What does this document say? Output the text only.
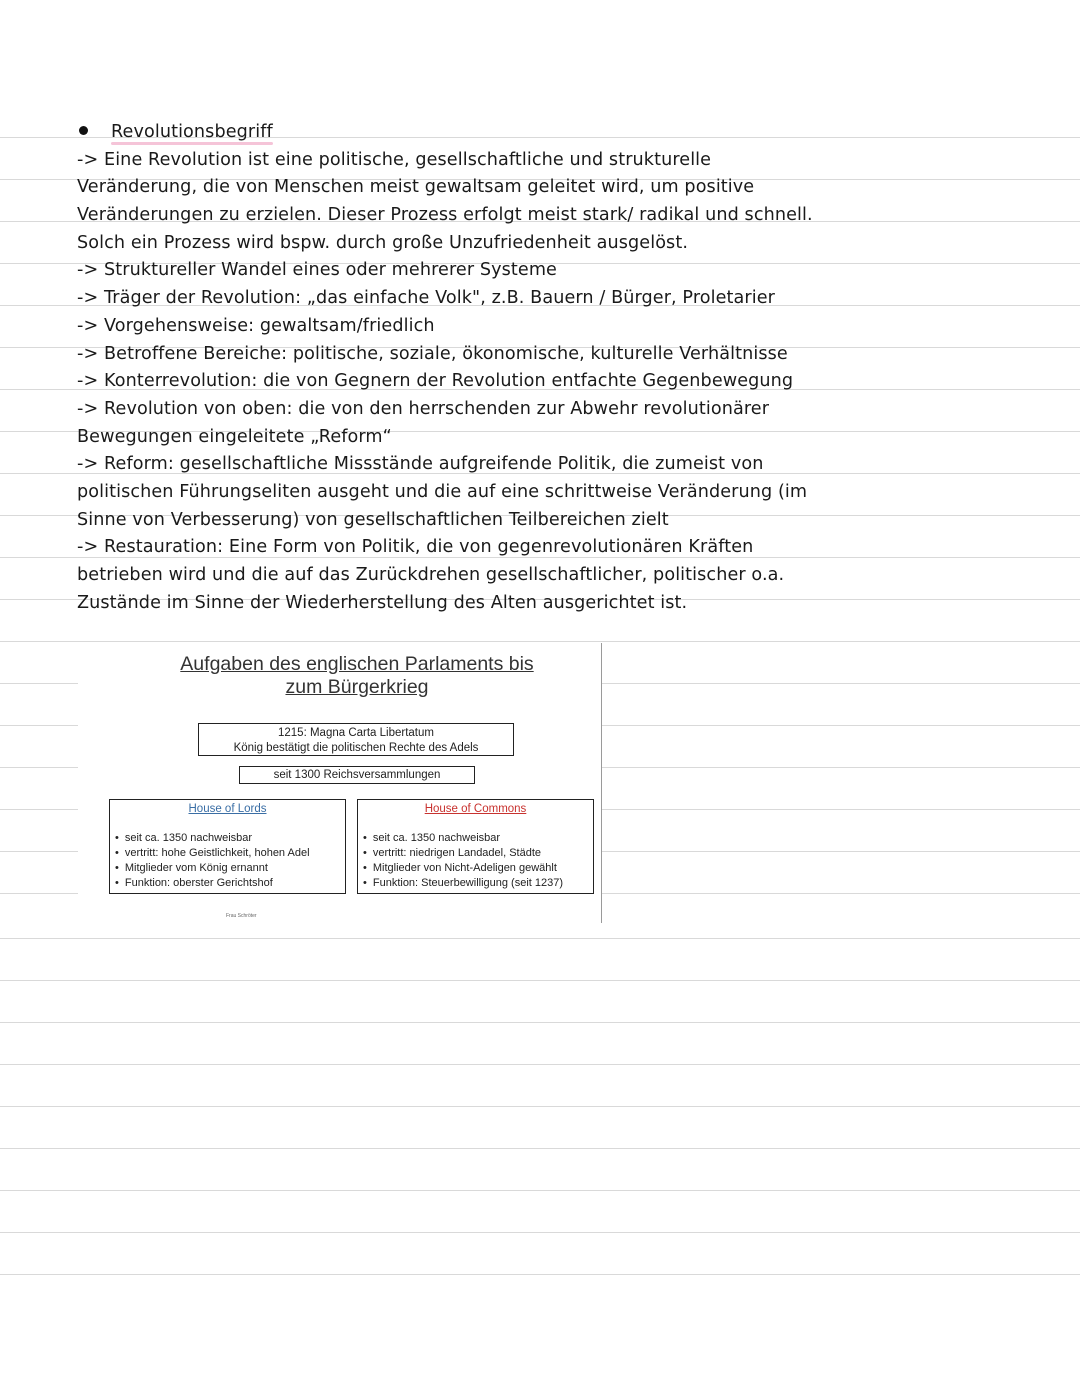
Revolutionsbegriff
-> Eine Revolution ist eine politische, gesellschaftliche und strukturelle
Veränderung, die von Menschen meist gewaltsam geleitet wird, um positive
Veränderungen zu erzielen. Dieser Prozess erfolgt meist stark/ radikal und schnell.
Solch ein Prozess wird bspw. durch große Unzufriedenheit ausgelöst.
-> Struktureller Wandel eines oder mehrerer Systeme
-> Träger der Revolution: „das einfache Volk", z.B. Bauern / Bürger, Proletarier
-> Vorgehensweise: gewaltsam/friedlich
-> Betroffene Bereiche: politische, soziale, ökonomische, kulturelle Verhältnisse
-> Konterrevolution: die von Gegnern der Revolution entfachte Gegenbewegung
-> Revolution von oben: die von den herrschenden zur Abwehr revolutionärer
Bewegungen eingeleitete „Reform“
-> Reform: gesellschaftliche Missstände aufgreifende Politik, die zumeist von
politischen Führungseliten ausgeht und die auf eine schrittweise Veränderung (im
Sinne von Verbesserung) von gesellschaftlichen Teilbereichen zielt
-> Restauration: Eine Form von Politik, die von gegenrevolutionären Kräften
betrieben wird und die auf das Zurückdrehen gesellschaftlicher, politischer o.a.
Zustände im Sinne der Wiederherstellung des Alten ausgerichtet ist.
Aufgaben des englischen Parlaments bis
zum Bürgerkrieg
1215: Magna Carta Libertatum
König bestätigt die politischen Rechte des Adels
seit 1300 Reichsversammlungen
House of Lords
• seit ca. 1350 nachweisbar
• vertritt: hohe Geistlichkeit, hohen Adel
• Mitglieder vom König ernannt
• Funktion: oberster Gerichtshof
House of Commons
• seit ca. 1350 nachweisbar
• vertritt: niedrigen Landadel, Städte
• Mitglieder von Nicht-Adeligen gewählt
• Funktion: Steuerbewilligung (seit 1237)
Frau Schröter
